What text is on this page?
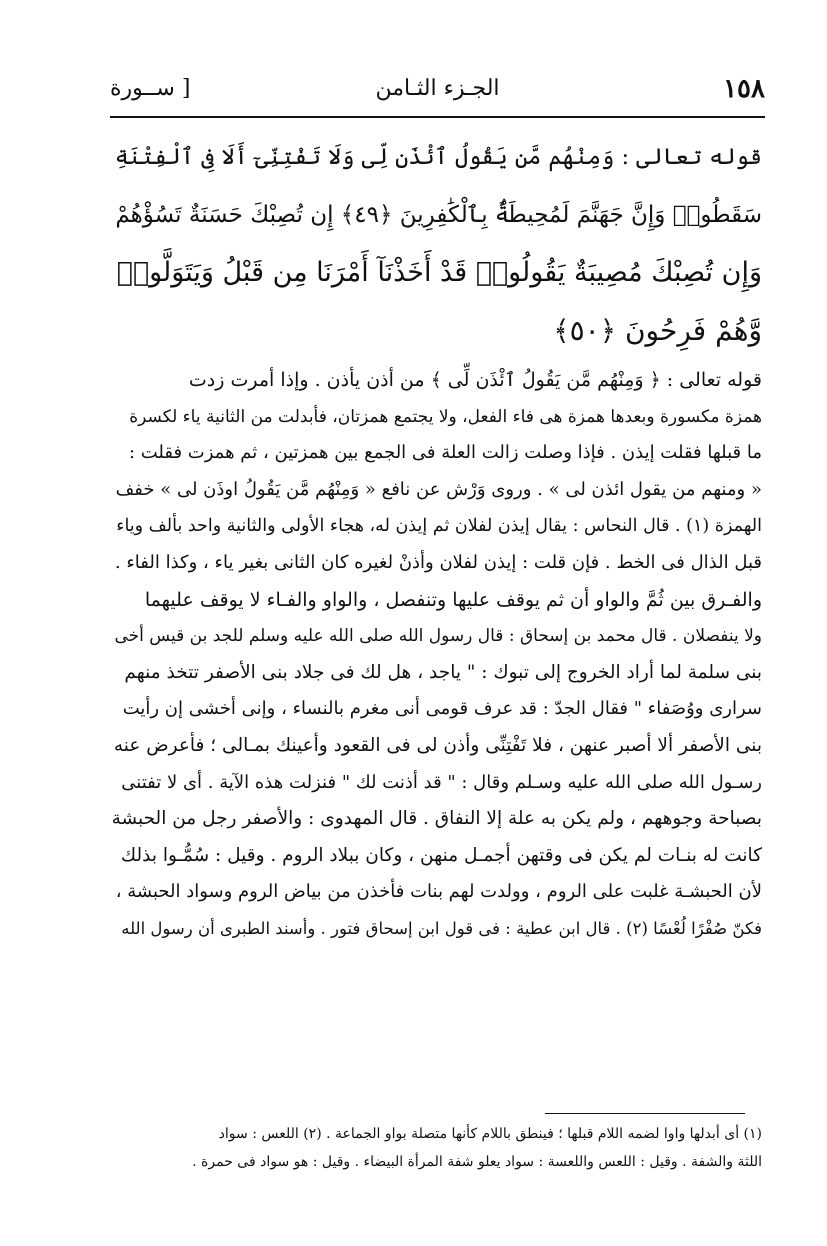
١٥٨
الجـزء الثـامن
[ ســورة
قوله تعالى : وَمِنْهُم مَّن يَقُولُ ٱئْذَن لِّى وَلَا تَفْتِنِّىٓ أَلَا فِى ٱلْفِتْنَةِ
سَقَطُوا۟ وَإِنَّ جَهَنَّمَ لَمُحِيطَةٌۢ بِٱلْكَٰفِرِينَ ﴿٤٩﴾ إِن تُصِبْكَ حَسَنَةٌ تَسُؤْهُمْ
وَإِن تُصِبْكَ مُصِيبَةٌ يَقُولُوا۟ قَدْ أَخَذْنَآ أَمْرَنَا مِن قَبْلُ وَيَتَوَلَّوا۟
وَّهُمْ فَرِحُونَ ﴿٥٠﴾
قوله تعالى : ﴿ وَمِنْهُم مَّن يَقُولُ ٱئْذَن لِّى ﴾ من أذن يأذن . وإذا أمرت زدت
همزة مكسورة وبعدها همزة هى فاء الفعل، ولا يجتمع همزتان، فأبدلت من الثانية ياء لكسرة
ما قبلها فقلت إيذن . فإذا وصلت زالت العلة فى الجمع بين همزتين ، ثم همزت فقلت :
« ومنهم من يقول ائذن لى » . وروى وَرْش عن نافع « وَمِنْهُم مَّن يَقُولُ اوذَن لى » خفف
الهمزة (١) . قال النحاس : يقال إيذن لفلان ثم إيذن له، هجاء الأولى والثانية واحد بألف وياء
قبل الذال فى الخط . فإن قلت : إيذن لفلان وأذنْ لغيره كان الثانى بغير ياء ، وكذا الفاء .
والفـرق بين ثُمَّ والواو أن ثم يوقف عليها وتنفصل ، والواو والفـاء لا يوقف عليهما
ولا ينفصلان . قال محمد بن إسحاق : قال رسول الله صلى الله عليه وسلم للجد بن قيس أخى
بنى سلمة لما أراد الخروج إلى تبوك : " ياجد ، هل لك فى جلاد بنى الأصفر تتخذ منهم
سرارى ووُصَفاء " فقال الجدّ : قد عرف قومى أنى مغرم بالنساء ، وإنى أخشى إن رأيت
بنى الأصفر ألا أصبر عنهن ، فلا تَفْتِنِّى وأذن لى فى القعود وأعينك بمـالى ؛ فأعرض عنه
رسـول الله صلى الله عليه وسـلم وقال : " قد أذنت لك " فنزلت هذه الآية . أى لا تفتنى
بصباحة وجوههم ، ولم يكن به علة إلا النفاق . قال المهدوى : والأصفر رجل من الحبشة
كانت له بنـات لم يكن فى وقتهن أجمـل منهن ، وكان ببلاد الروم . وقيل : سُمُّـوا بذلك
لأن الحبشـة غلبت على الروم ، وولدت لهم بنات فأخذن من بياض الروم وسواد الحبشة ،
فكنّ صُفْرًا لُعْسًا (٢) . قال ابن عطية : فى قول ابن إسحاق فتور . وأسند الطبرى أن رسول الله
(١) أى أبدلها واوا لضمه اللام قبلها ؛ فينطق باللام كأنها متصلة بواو الجماعة . (٢) اللعس : سواد
اللثة والشفة . وقيل : اللعس واللعسة : سواد يعلو شفة المرأة البيضاء . وقيل : هو سواد فى حمرة .
